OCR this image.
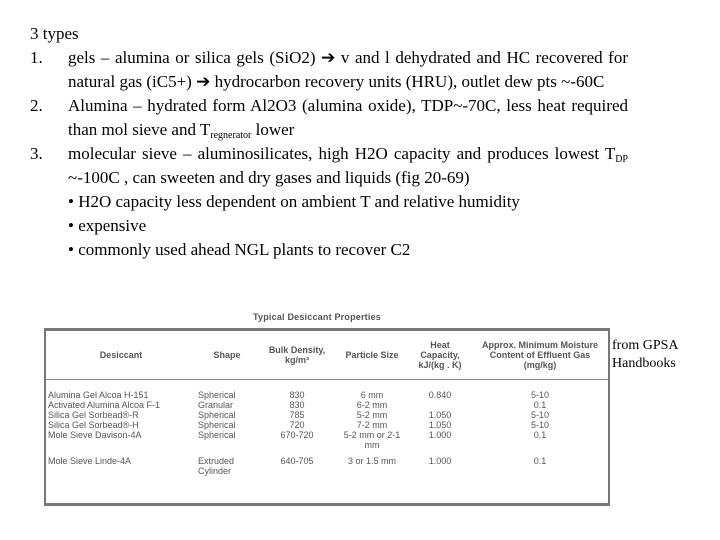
3 types
1.	gels – alumina or silica gels (SiO2) ➔ v and l dehydrated and HC recovered for natural gas (iC5+) ➔ hydrocarbon recovery units (HRU), outlet dew pts ~-60C
2.	Alumina – hydrated form Al2O3 (alumina oxide), TDP~-70C, less heat required than mol sieve and $T_{regnerator}$ lower
3.	molecular sieve – aluminosilicates, high H2O capacity and produces lowest $T_{DP}$ ~-100C , can sweeten and dry gases and liquids (fig 20-69)
• H2O capacity less dependent on ambient T and relative humidity
• expensive
• commonly used ahead NGL plants to recover C2
Typical Desiccant Properties
Desiccant	Shape	Bulk Density, kg/m³	Particle Size	Heat Capacity, kJ/(kg . K)	Approx. Minimum Moisture Content of Effluent Gas (mg/kg)
Alumina Gel Alcoa H-151	Spherical	830	6 mm	0.840	5-10
Activated Alumina Alcoa F-1	Granular	830	6-2 mm		0.1
Silica Gel Sorbead®-R	Spherical	785	5-2 mm	1.050	5-10
Silica Gel Sorbead®-H	Spherical	720	7-2 mm	1.050	5-10
Mole Sieve Davison-4A	Spherical	670-720	5-2 mm or 2-1 mm	1.000	0.1
Mole Sieve Linde-4A	Extruded Cylinder	640-705	3 or 1.5 mm	1.000	0.1
from GPSA Handbooks
